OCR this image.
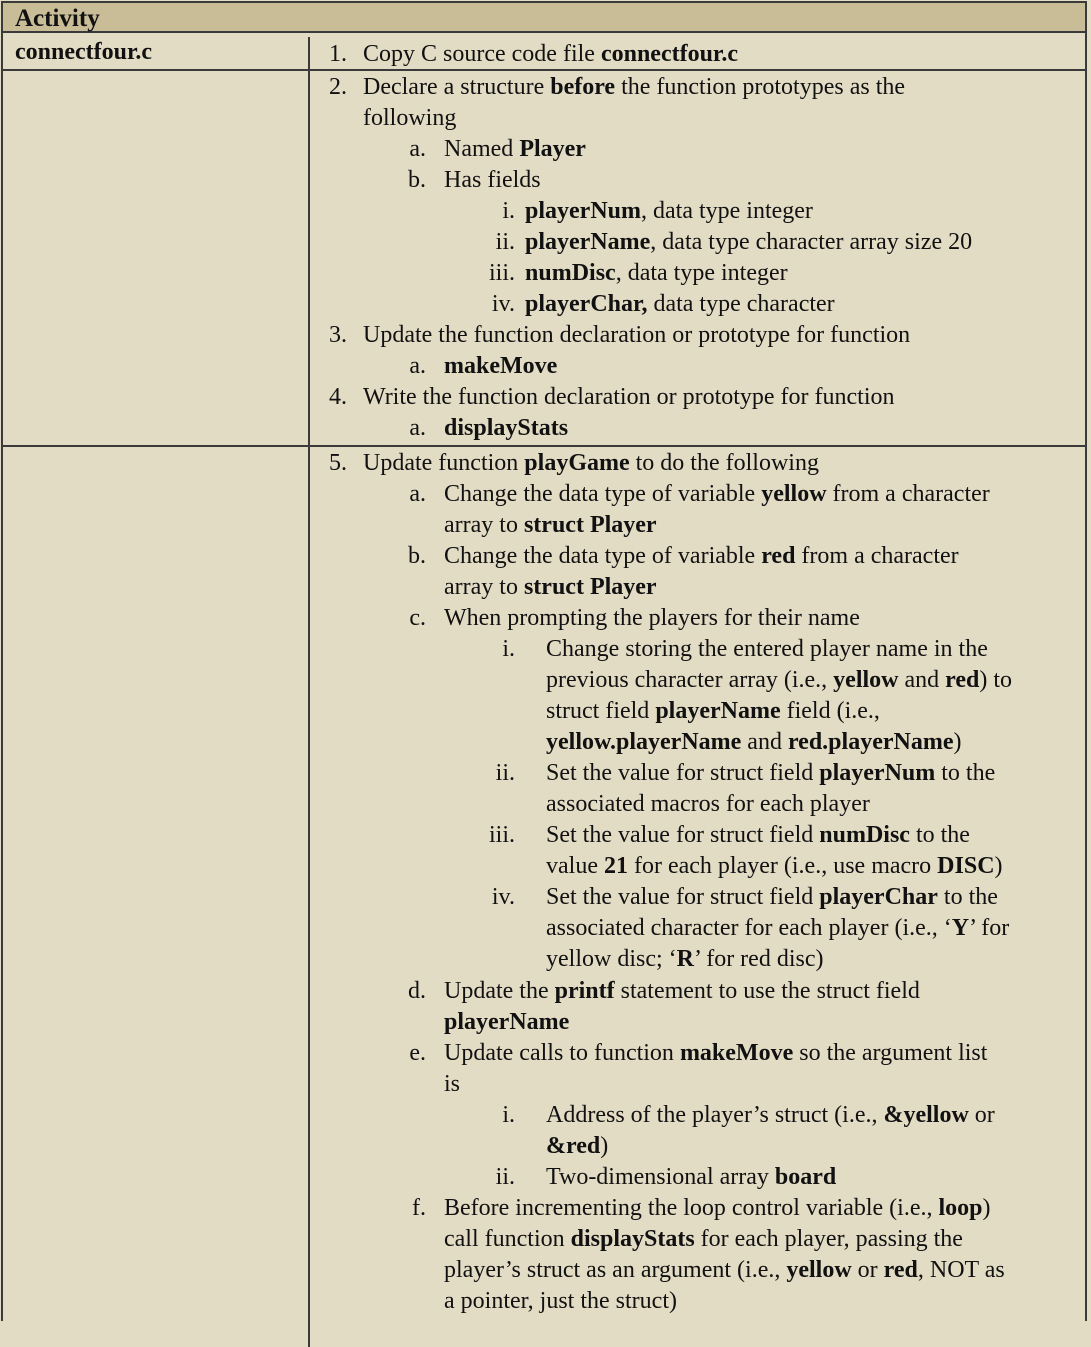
Activity
connectfour.c	1. Copy C source code file connectfour.c
2. Declare a structure before the function prototypes as the
following
a. Named Player
b. Has fields
i. playerNum, data type integer
ii. playerName, data type character array size 20
iii. numDisc, data type integer
iv. playerChar, data type character
3. Update the function declaration or prototype for function
a. makeMove
4. Write the function declaration or prototype for function
a. displayStats
5. Update function playGame to do the following
a. Change the data type of variable yellow from a character
array to struct Player
b. Change the data type of variable red from a character
array to struct Player
c. When prompting the players for their name
i. Change storing the entered player name in the
previous character array (i.e., yellow and red) to
struct field playerName field (i.e.,
yellow.playerName and red.playerName)
ii. Set the value for struct field playerNum to the
associated macros for each player
iii. Set the value for struct field numDisc to the
value 21 for each player (i.e., use macro DISC)
iv. Set the value for struct field playerChar to the
associated character for each player (i.e., ‘Y’ for
yellow disc; ‘R’ for red disc)
d. Update the printf statement to use the struct field
playerName
e. Update calls to function makeMove so the argument list
is
i. Address of the player’s struct (i.e., &yellow or
&red)
ii. Two-dimensional array board
f. Before incrementing the loop control variable (i.e., loop)
call function displayStats for each player, passing the
player’s struct as an argument (i.e., yellow or red, NOT as
a pointer, just the struct)
